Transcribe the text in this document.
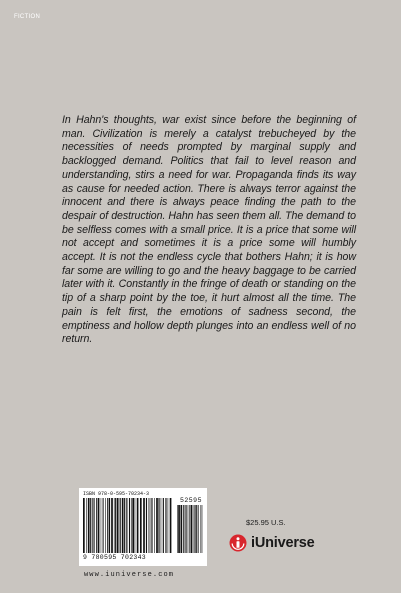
FICTION
In Hahn's thoughts, war exist since before the beginning of man. Civilization is merely a catalyst trebucheyed by the necessities of needs prompted by marginal supply and backlogged demand. Politics that fail to level reason and understanding, stirs a need for war. Propaganda finds its way as cause for needed action. There is always terror against the innocent and there is always peace finding the path to the despair of destruction. Hahn has seen them all. The demand to be selfless comes with a small price. It is a price that some will not accept and sometimes it is a price some will humbly accept. It is not the endless cycle that bothers Hahn; it is how far some are willing to go and the heavy baggage to be carried later with it. Constantly in the fringe of death or standing on the tip of a sharp point by the toe, it hurt almost all the time. The pain is felt first, the emotions of sadness second, the emptiness and hollow depth plunges into an endless well of no return.
ISBN 978-0-595-70234-3
52595
9 780595 702343
www.iuniverse.com
$25.95 U.S.
iUniverse
